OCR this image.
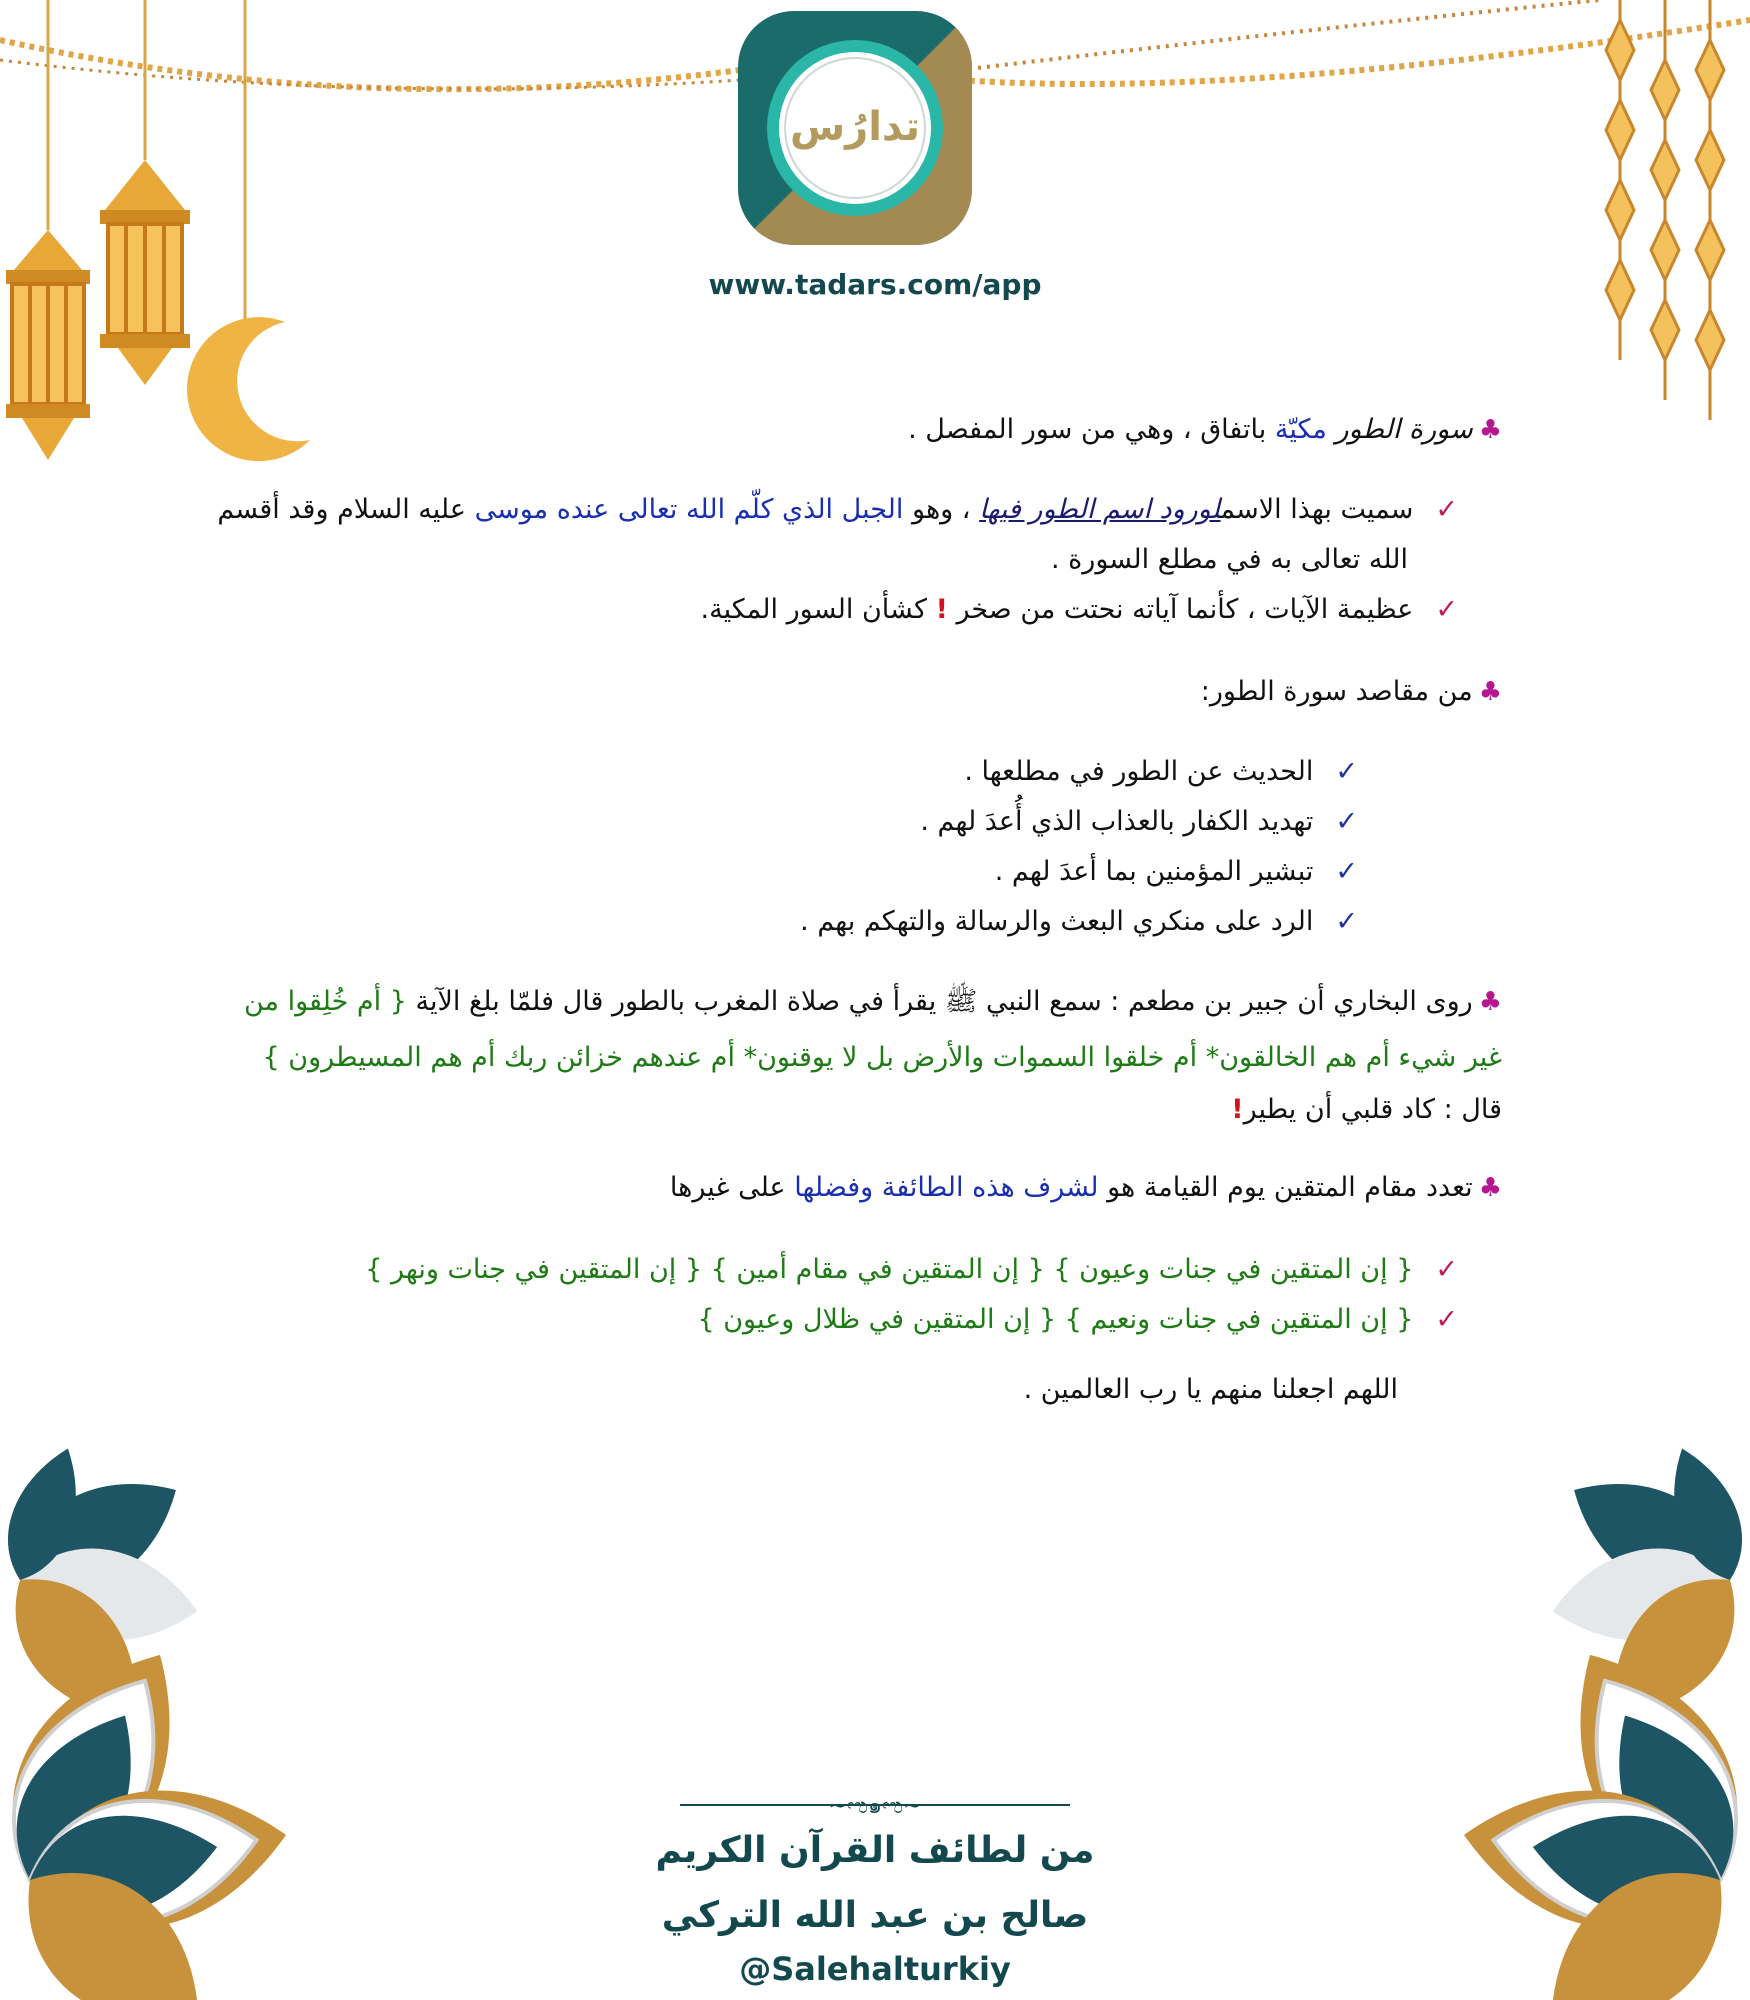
تدارُس
www.tadars.com/app
♣سورة الطور مكيّة باتفاق ، وهي من سور المفصل .
✓سميت بهذا الاسملورود اسم الطور فيها ، وهو الجبل الذي كلّم الله تعالى عنده موسى عليه السلام وقد أقسم
الله تعالى به في مطلع السورة .
✓عظيمة الآيات ، كأنما آياته نحتت من صخر ! كشأن السور المكية.
♣من مقاصد سورة الطور:
✓الحديث عن الطور في مطلعها .
✓تهديد الكفار بالعذاب الذي أُعدَ لهم .
✓تبشير المؤمنين بما أعدَ لهم .
✓الرد على منكري البعث والرسالة والتهكم بهم .
♣روى البخاري أن جبير بن مطعم : سمع النبي ﷺ يقرأ في صلاة المغرب بالطور قال فلمّا بلغ الآية { أم خُلِقوا من
غير شيء أم هم الخالقون* أم خلقوا السموات والأرض بل لا يوقنون* أم عندهم خزائن ربك أم هم المسيطرون }
قال : كاد قلبي أن يطير!
♣تعدد مقام المتقين يوم القيامة هو لشرف هذه الطائفة وفضلها على غيرها
✓{ إن المتقين في جنات وعيون } { إن المتقين في مقام أمين } { إن المتقين في جنات ونهر }
✓{ إن المتقين في جنات ونعيم } { إن المتقين في ظلال وعيون }
اللهم اجعلنا منهم يا رب العالمين .
~ಌ๑ಌ~
من لطائف القرآن الكريم
صالح بن عبد الله التركي
@Salehalturkiy
